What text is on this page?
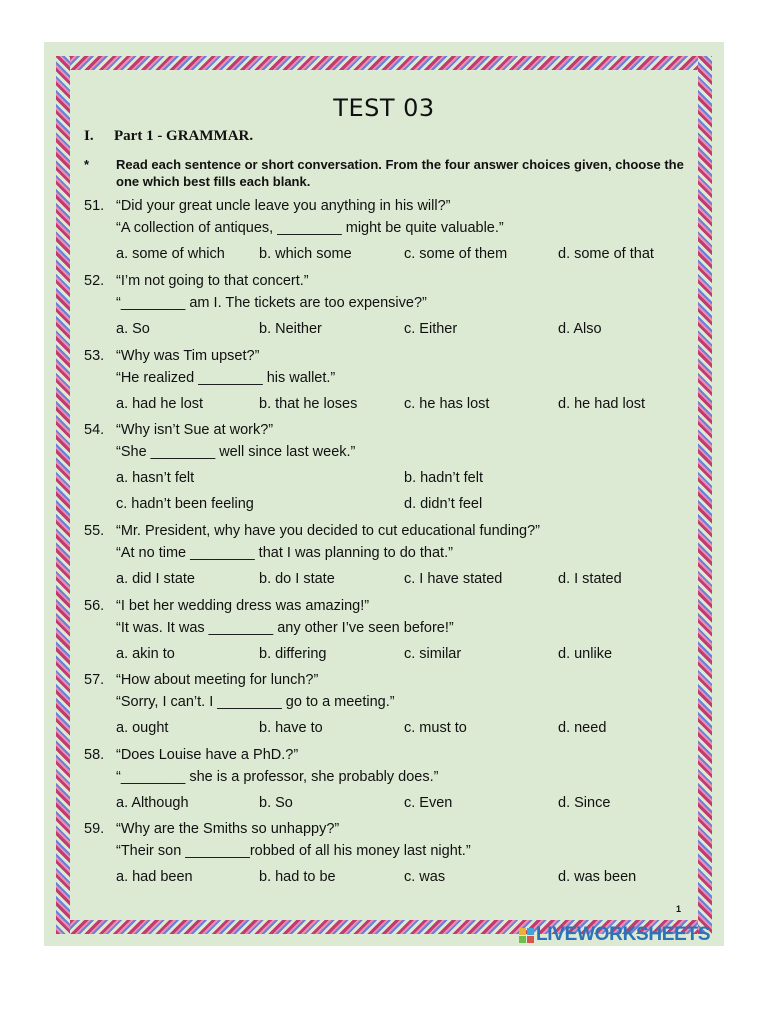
TEST 03
I. Part 1 - GRAMMAR.
* Read each sentence or short conversation. From the four answer choices given, choose the one which best fills each blank.
51. “Did your great uncle leave you anything in his will?”
“A collection of antiques, ________ might be quite valuable.”
a. some of which b. which some	c. some of them	d. some of that
52. “I’m not going to that concert.”
“________ am I. The tickets are too expensive?”
a. So	b. Neither	c. Either	d. Also
53. “Why was Tim upset?”
“He realized ________ his wallet.”
a. had he lost	b. that he loses	c. he has lost	d. he had lost
54. “Why isn’t Sue at work?”
“She ________ well since last week.”
a. hasn’t felt	b. hadn’t felt
c. hadn’t been feeling	d. didn’t feel
55. “Mr. President, why have you decided to cut educational funding?”
“At no time ________ that I was planning to do that.”
a. did I state	b. do I state	c. I have stated	d. I stated
56. “I bet her wedding dress was amazing!”
“It was. It was ________ any other I’ve seen before!”
a. akin to	b. differing	c. similar	d. unlike
57. “How about meeting for lunch?”
“Sorry, I can’t. I ________ go to a meeting.”
a. ought	b. have to	c. must to	d. need
58. “Does Louise have a PhD.?”
“________ she is a professor, she probably does.”
a. Although	b. So	c. Even	d. Since
59. “Why are the Smiths so unhappy?”
“Their son ________robbed of all his money last night.”
a. had been	b. had to be	c. was	d. was been
1
LIVEWORKSHEETS
